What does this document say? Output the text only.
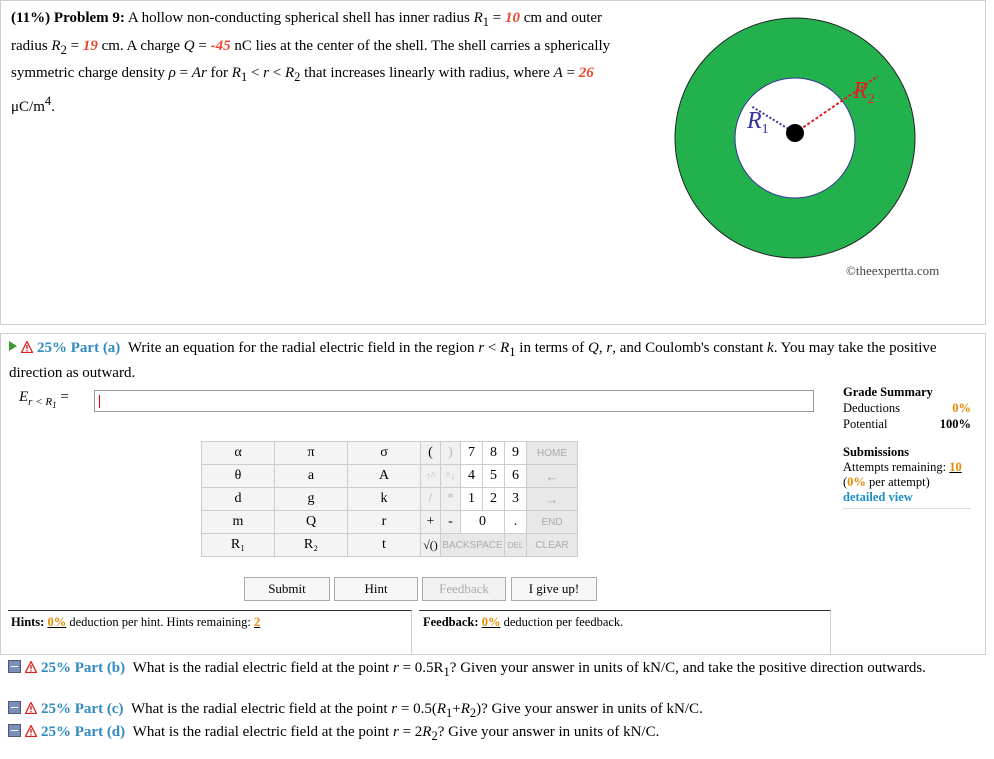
(11%) Problem 9: A hollow non-conducting spherical shell has inner radius $R_1 = 10$ cm and outer radius $R_2 = 19$ cm. A charge Q = -45 nC lies at the center of the shell. The shell carries a spherically symmetric charge density ρ = Ar for $R_1 < r < R_2$ that increases linearly with radius, where A = 26 $\mu C/m^4$.
$R_1$
$R_2$
©theexpertta.com
25% Part (a)  Write an equation for the radial electric field in the region $r < R_1$ in terms of Q, r, and Coulomb's constant k. You may take the positive direction as outward.
$E_{r < R_1}$ =	Grade Summary
Deductions	0%
Potential	100%
Submissions
Attempts remaining: 10
(0% per attempt)
detailed view
α	π	σ	(	)	7	8	9	HOME
θ	a	A	↑^	^↓	4	5	6	←
d	g	k	/	*	1	2	3	→
m	Q	r	+	-	0		.	END
R₁	R₂	t	√()	BACKSPACE			DEL	CLEAR
Submit	Hint	Feedback	I give up!
Hints: 0% deduction per hint. Hints remaining: 2	Feedback: 0% deduction per feedback.
25% Part (b)  What is the radial electric field at the point $r = 0.5R_1$? Given your answer in units of kN/C, and take the positive direction outwards.
25% Part (c)  What is the radial electric field at the point $r = 0.5(R_1+R_2)$? Give your answer in units of kN/C.
25% Part (d)  What is the radial electric field at the point $r = 2R_2$? Give your answer in units of kN/C.
